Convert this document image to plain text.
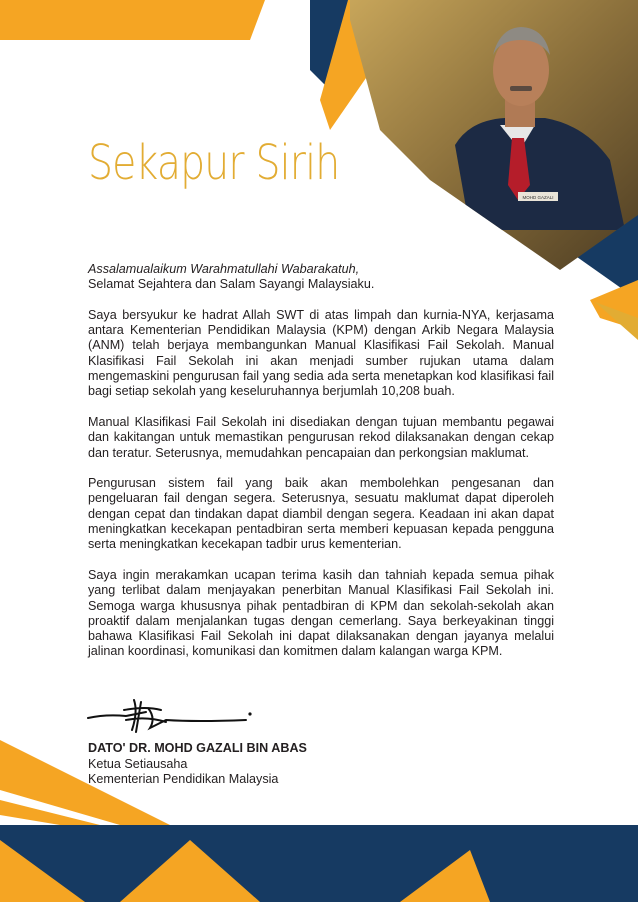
MOHD GAZALI
Sekapur Sirih

Assalamualaikum Warahmatullahi Wabarakatuh,
Selamat Sejahtera dan Salam Sayangi Malaysiaku.

Saya bersyukur ke hadrat Allah SWT di atas limpah dan kurnia-NYA, kerjasama antara Kementerian Pendidikan Malaysia (KPM) dengan Arkib Negara Malaysia (ANM) telah berjaya membangunkan Manual Klasifikasi Fail Sekolah. Manual Klasifikasi Fail Sekolah ini akan menjadi sumber rujukan utama dalam mengemaskini pengurusan fail yang sedia ada serta menetapkan kod klasifikasi fail bagi setiap sekolah yang keseluruhannya berjumlah 10,208 buah.

Manual Klasifikasi Fail Sekolah ini disediakan dengan tujuan membantu pegawai dan kakitangan untuk memastikan pengurusan rekod dilaksanakan dengan cekap dan teratur. Seterusnya, memudahkan pencapaian dan perkongsian maklumat.

Pengurusan sistem fail yang baik akan membolehkan pengesanan dan pengeluaran fail dengan segera. Seterusnya, sesuatu maklumat dapat diperoleh dengan cepat dan tindakan dapat diambil dengan segera. Keadaan ini akan dapat meningkatkan kecekapan pentadbiran serta memberi kepuasan kepada pengguna serta meningkatkan kecekapan tadbir urus kementerian.

Saya ingin merakamkan ucapan terima kasih dan tahniah kepada semua pihak yang terlibat dalam menjayakan penerbitan Manual Klasifikasi Fail Sekolah ini. Semoga warga khususnya pihak pentadbiran di KPM dan sekolah-sekolah akan proaktif dalam menjalankan tugas dengan cemerlang. Saya berkeyakinan tinggi bahawa Klasifikasi Fail Sekolah ini dapat dilaksanakan dengan jayanya melalui jalinan koordinasi, komunikasi dan komitmen dalam kalangan warga KPM.

DATO' DR. MOHD GAZALI BIN ABAS
Ketua Setiausaha
Kementerian Pendidikan Malaysia
